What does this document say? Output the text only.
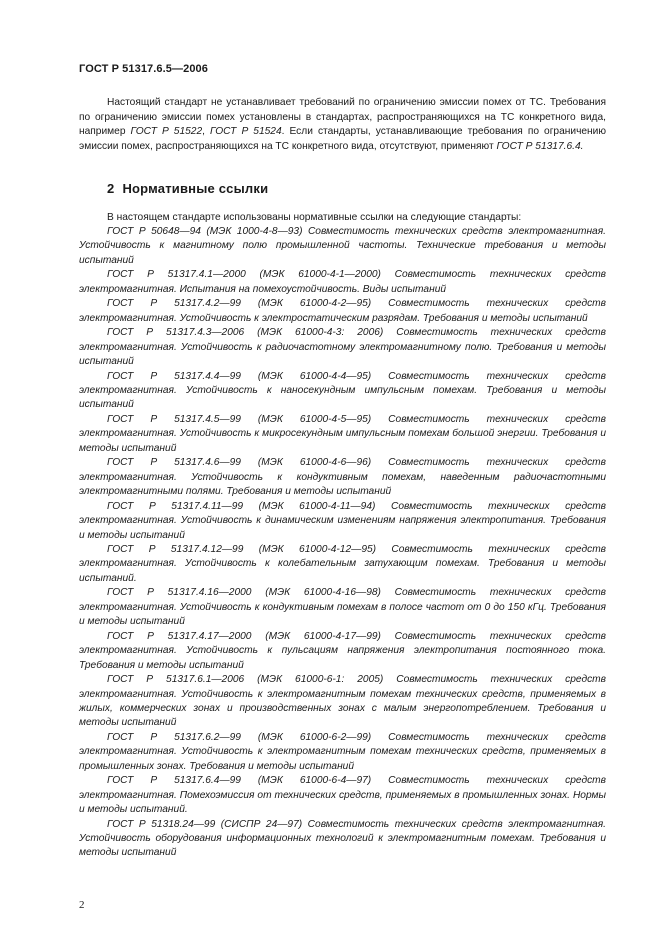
ГОСТ Р 51317.6.5—2006

Настоящий стандарт не устанавливает требований по ограничению эмиссии помех от ТС. Требования по ограничению эмиссии помех установлены в стандартах, распространяющихся на ТС конкретного вида, например ГОСТ Р 51522, ГОСТ Р 51524. Если стандарты, устанавливающие требования по ограничению эмиссии помех, распространяющихся на ТС конкретного вида, отсутствуют, применяют ГОСТ Р 51317.6.4.

2 Нормативные ссылки

В настоящем стандарте использованы нормативные ссылки на следующие стандарты:

ГОСТ Р 50648—94 (МЭК 1000-4-8—93) Совместимость технических средств электромагнитная. Устойчивость к магнитному полю промышленной частоты. Технические требования и методы испытаний

ГОСТ Р 51317.4.1—2000 (МЭК 61000-4-1—2000) Совместимость технических средств электромагнитная. Испытания на помехоустойчивость. Виды испытаний

ГОСТ Р 51317.4.2—99 (МЭК 61000-4-2—95) Совместимость технических средств электромагнитная. Устойчивость к электростатическим разрядам. Требования и методы испытаний

ГОСТ Р 51317.4.3—2006 (МЭК 61000-4-3: 2006) Совместимость технических средств электромагнитная. Устойчивость к радиочастотному электромагнитному полю. Требования и методы испытаний

ГОСТ Р 51317.4.4—99 (МЭК 61000-4-4—95) Совместимость технических средств электромагнитная. Устойчивость к наносекундным импульсным помехам. Требования и методы испытаний

ГОСТ Р 51317.4.5—99 (МЭК 61000-4-5—95) Совместимость технических средств электромагнитная. Устойчивость к микросекундным импульсным помехам большой энергии. Требования и методы испытаний

ГОСТ Р 51317.4.6—99 (МЭК 61000-4-6—96) Совместимость технических средств электромагнитная. Устойчивость к кондуктивным помехам, наведенным радиочастотными электромагнитными полями. Требования и методы испытаний

ГОСТ Р 51317.4.11—99 (МЭК 61000-4-11—94) Совместимость технических средств электромагнитная. Устойчивость к динамическим изменениям напряжения электропитания. Требования и методы испытаний

ГОСТ Р 51317.4.12—99 (МЭК 61000-4-12—95) Совместимость технических средств электромагнитная. Устойчивость к колебательным затухающим помехам. Требования и методы испытаний.

ГОСТ Р 51317.4.16—2000 (МЭК 61000-4-16—98) Совместимость технических средств электромагнитная. Устойчивость к кондуктивным помехам в полосе частот от 0 до 150 кГц. Требования и методы испытаний

ГОСТ Р 51317.4.17—2000 (МЭК 61000-4-17—99) Совместимость технических средств электромагнитная. Устойчивость к пульсациям напряжения электропитания постоянного тока. Требования и методы испытаний

ГОСТ Р 51317.6.1—2006 (МЭК 61000-6-1: 2005) Совместимость технических средств электромагнитная. Устойчивость к электромагнитным помехам технических средств, применяемых в жилых, коммерческих зонах и производственных зонах с малым энергопотреблением. Требования и методы испытаний

ГОСТ Р 51317.6.2—99 (МЭК 61000-6-2—99) Совместимость технических средств электромагнитная. Устойчивость к электромагнитным помехам технических средств, применяемых в промышленных зонах. Требования и методы испытаний

ГОСТ Р 51317.6.4—99 (МЭК 61000-6-4—97) Совместимость технических средств электромагнитная. Помехоэмиссия от технических средств, применяемых в промышленных зонах. Нормы и методы испытаний.

ГОСТ Р 51318.24—99 (СИСПР 24—97) Совместимость технических средств электромагнитная. Устойчивость оборудования информационных технологий к электромагнитным помехам. Требования и методы испытаний

2
